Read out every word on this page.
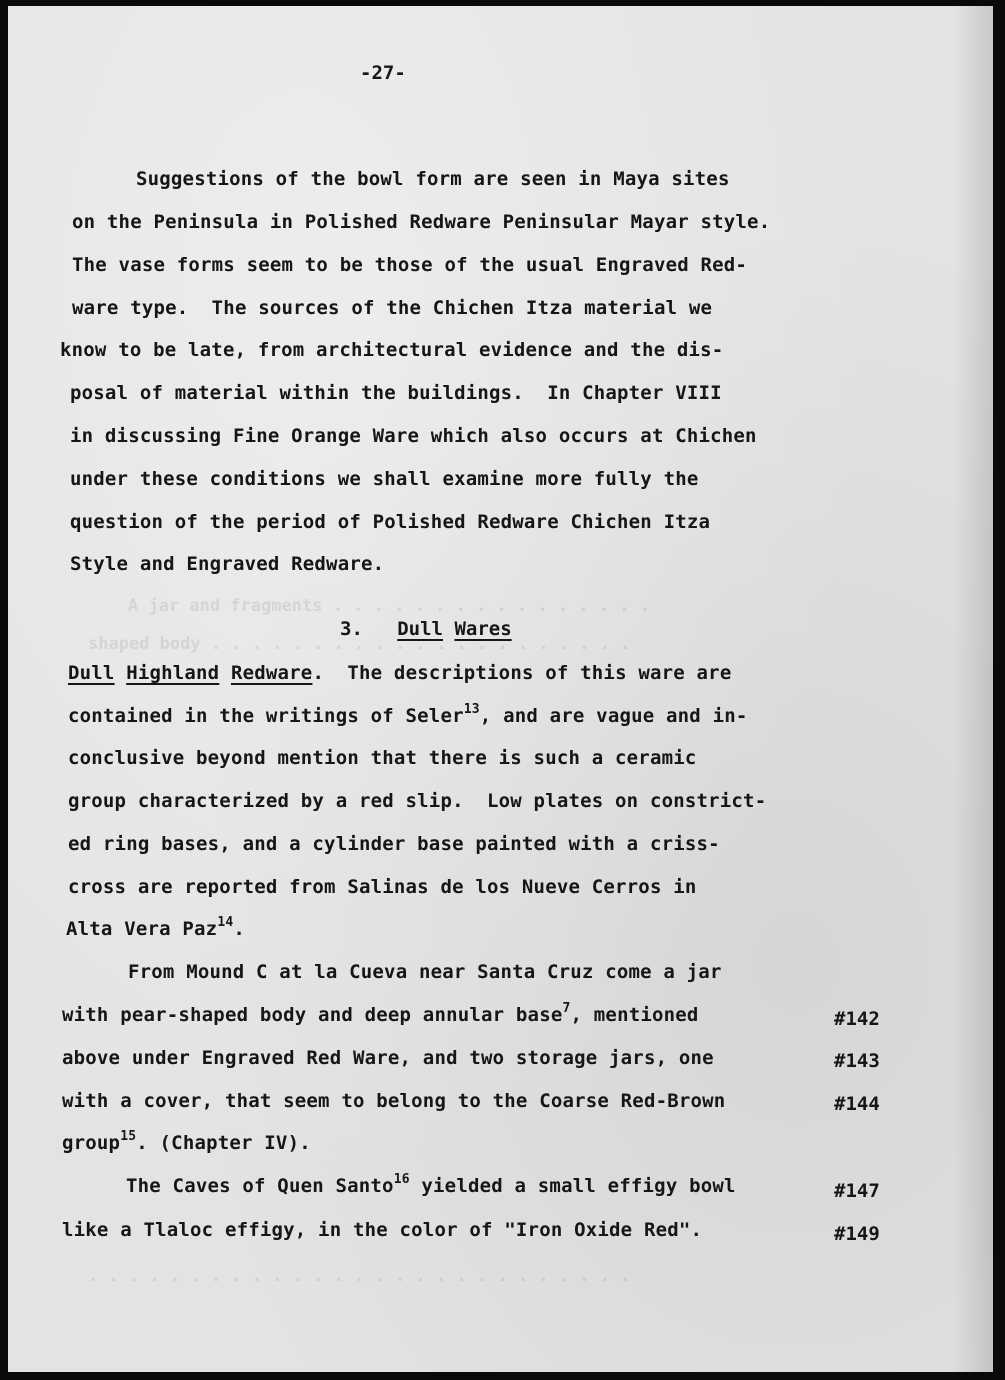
A jar and fragments . . . . . . . . . . . . . . . .
shaped body . . . . . . . . . . . . . . . . . . . . .
. . . . . . . . . . . . . . . . . . . . . . . . . . .
-27-
Suggestions of the bowl form are seen in Maya sites
on the Peninsula in Polished Redware Peninsular Mayar style.
The vase forms seem to be those of the usual Engraved Red-
ware type.  The sources of the Chichen Itza material we
know to be late, from architectural evidence and the dis-
posal of material within the buildings.  In Chapter VIII
in discussing Fine Orange Ware which also occurs at Chichen
under these conditions we shall examine more fully the
question of the period of Polished Redware Chichen Itza
Style and Engraved Redware.
3. Dull Wares
Dull Highland Redware.  The descriptions of this ware are
contained in the writings of Seler$^{13}$, and are vague and in-
conclusive beyond mention that there is such a ceramic
group characterized by a red slip.  Low plates on constrict-
ed ring bases, and a cylinder base painted with a criss-
cross are reported from Salinas de los Nueve Cerros in
Alta Vera Paz$^{14}$.
From Mound C at la Cueva near Santa Cruz come a jar
with pear-shaped body and deep annular base$^7$, mentioned
above under Engraved Red Ware, and two storage jars, one
with a cover, that seem to belong to the Coarse Red-Brown
group$^{15}$. (Chapter IV).
The Caves of Quen Santo$^{16}$ yielded a small effigy bowl
like a Tlaloc effigy, in the color of "Iron Oxide Red".
#142
#143
#144
#147
#149
